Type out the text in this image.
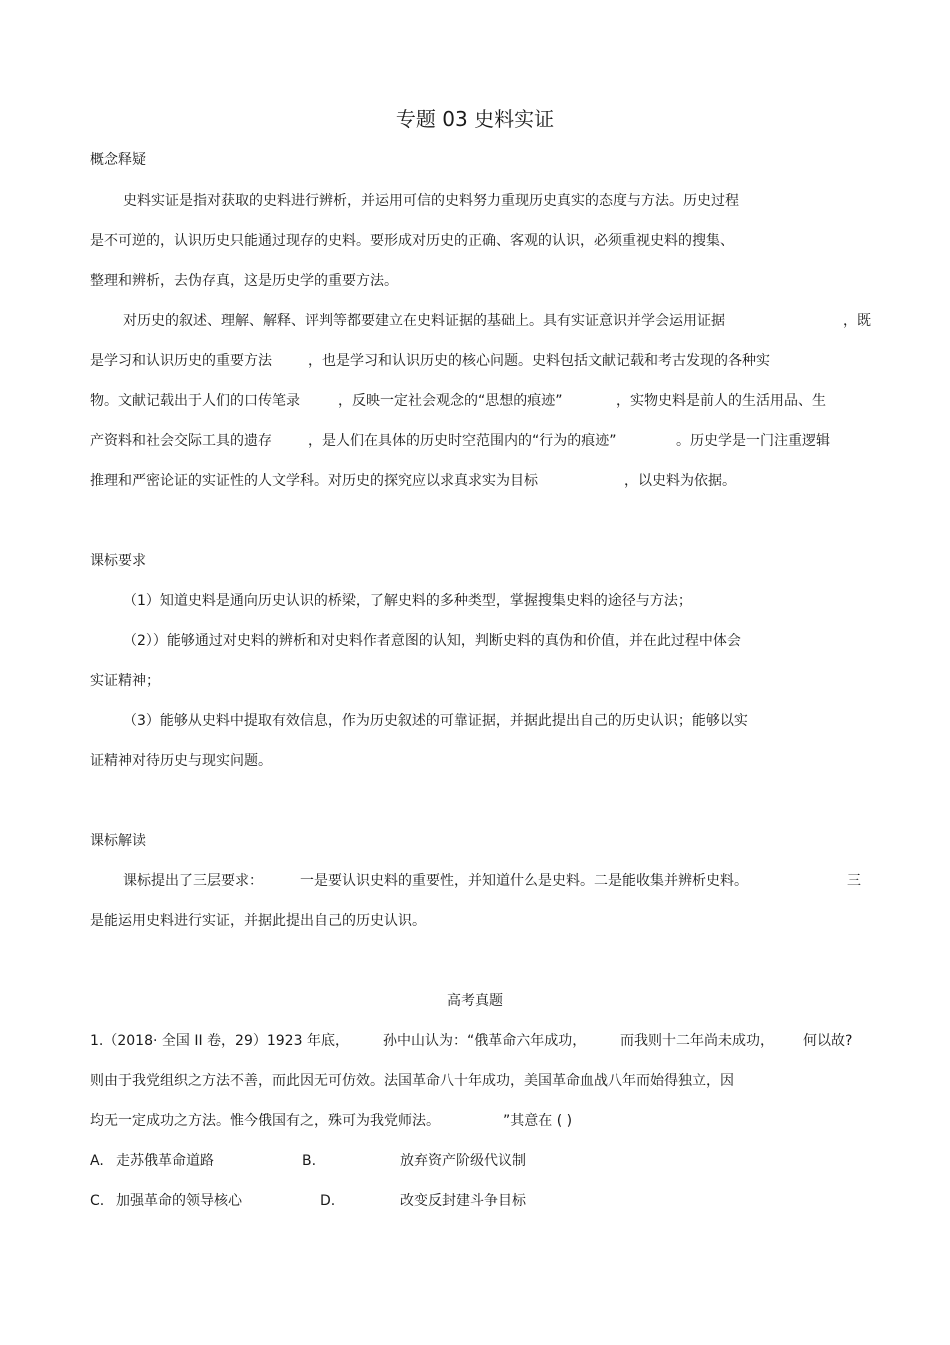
专题 03 史料实证
概念释疑
史料实证是指对获取的史料进行辨析，并运用可信的史料努力重现历史真实的态度与方法。历史过程
是不可逆的，认识历史只能通过现存的史料。要形成对历史的正确、客观的认识，必须重视史料的搜集、
整理和辨析，去伪存真，这是历史学的重要方法。
对历史的叙述、理解、解释、评判等都要建立在史料证据的基础上。具有实证意识并学会运用证据	，既
是学习和认识历史的重要方法	，也是学习和认识历史的核心问题。史料包括文献记载和考古发现的各种实
物。文献记载出于人们的口传笔录	，反映一定社会观念的“思想的痕迹”	，实物史料是前人的生活用品、生
产资料和社会交际工具的遗存	，是人们在具体的历史时空范围内的“行为的痕迹”	。历史学是一门注重逻辑
推理和严密论证的实证性的人文学科。对历史的探究应以求真求实为目标	，以史料为依据。
课标要求
（1）知道史料是通向历史认识的桥梁，了解史料的多种类型，掌握搜集史料的途径与方法；
（2））能够通过对史料的辨析和对史料作者意图的认知，判断史料的真伪和价值，并在此过程中体会
实证精神；
（3）能够从史料中提取有效信息，作为历史叙述的可靠证据，并据此提出自己的历史认识；能够以实
证精神对待历史与现实问题。
课标解读
课标提出了三层要求：	一是要认识史料的重要性，并知道什么是史料。二是能收集并辨析史料。	三
是能运用史料进行实证，并据此提出自己的历史认识。
高考真题
1.（2018· 全国 II 卷，29）1923 年底， 孙中山认为：“俄革命六年成功， 而我则十二年尚未成功， 何以故?
则由于我党组织之方法不善，而此因无可仿效。法国革命八十年成功，美国革命血战八年而始得独立，因
均无一定成功之方法。惟今俄国有之，殊可为我党师法。	”其意在 ( )
A. 走苏俄革命道路	B.	放弃资产阶级代议制
C. 加强革命的领导核心	D.	改变反封建斗争目标
